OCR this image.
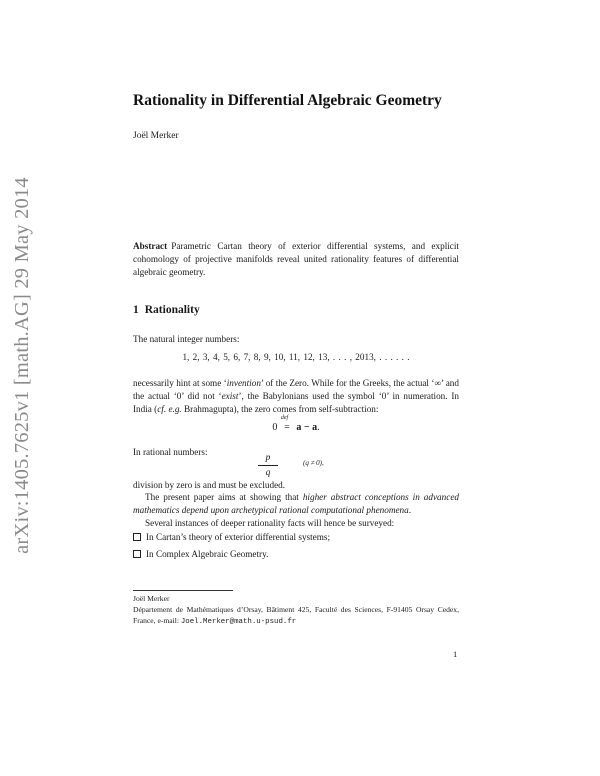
arXiv:1405.7625v1 [math.AG] 29 May 2014
Rationality in Differential Algebraic Geometry
Joël Merker
Abstract Parametric Cartan theory of exterior differential systems, and explicit cohomology of projective manifolds reveal united rationality features of differential algebraic geometry.
1 Rationality
The natural integer numbers:
1, 2, 3, 4, 5, 6, 7, 8, 9, 10, 11, 12, 13, . . . , 2013, . . . . . .
necessarily hint at some ‘invention’ of the Zero. While for the Greeks, the actual ‘∞’ and the actual ‘0’ did not ‘exist’, the Babylonians used the symbol ‘0’ in numeration. In India (cf. e.g. Brahmagupta), the zero comes from self-subtraction:
0
def
= a − a.
In rational numbers:
p
q
(q ≠ 0),
division by zero is and must be excluded.
The present paper aims at showing that higher abstract conceptions in advanced mathematics depend upon archetypical rational computational phenomena.
Several instances of deeper rationality facts will hence be surveyed:
In Cartan’s theory of exterior differential systems;
In Complex Algebraic Geometry.
Joël Merker
Département de Mathématiques d’Orsay, Bâtiment 425, Faculté des Sciences, F-91405 Orsay Cedex, France, e-mail: Joel.Merker@math.u-psud.fr
1
